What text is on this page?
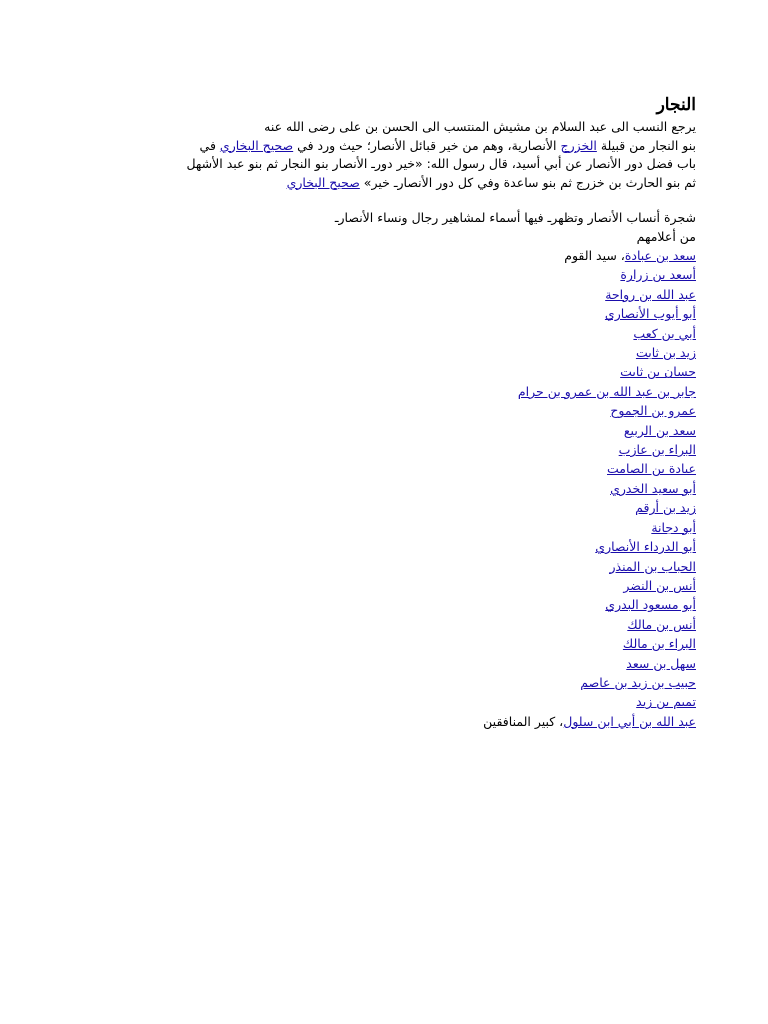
النجار
يرجع النسب الى عبد السلام بن مشيش المنتسب الى الحسن بن على رضى الله عنه
بنو النجار من قبيلة الخزرج الأنصارية، وهم من خير قبائل الأنصار؛ حيث ورد في صحيح البخاري في
باب فضل دور الأنصار عن أبي أسيد، قال رسول الله: «خير دورـ الأنصار بنو النجار ثم بنو عبد الأشهل
ثم بنو الحارث بن خزرج ثم بنو ساعدة وفي كل دور الأنصارـ خير» صحيح البخاري
شجرة أنساب الأنصار وتظهرـ فيها أسماء لمشاهير رجال ونساء الأنصارـ
من أعلامهم
سعد بن عبادة، سيد القوم
أسعد بن زرارة
عبد الله بن رواحة
أبو أيوب الأنصاري
أبي بن كعب
زيد بن ثابت
حسان بن ثابت
جابر بن عبد الله بن عمرو بن حرام
عمرو بن الجموح
سعد بن الربيع
البراء بن عازب
عبادة بن الصامت
أبو سعيد الخدري
زيد بن أرقم
أبو دجانة
أبو الدرداء الأنصاري
الحباب بن المنذر
أنس بن النضر
أبو مسعود البدري
أنس بن مالك
البراء بن مالك
سهل بن سعد
حبيب بن زيد بن عاصم
تميم بن زيد
عبد الله بن أبي ابن سلول، كبير المنافقين
